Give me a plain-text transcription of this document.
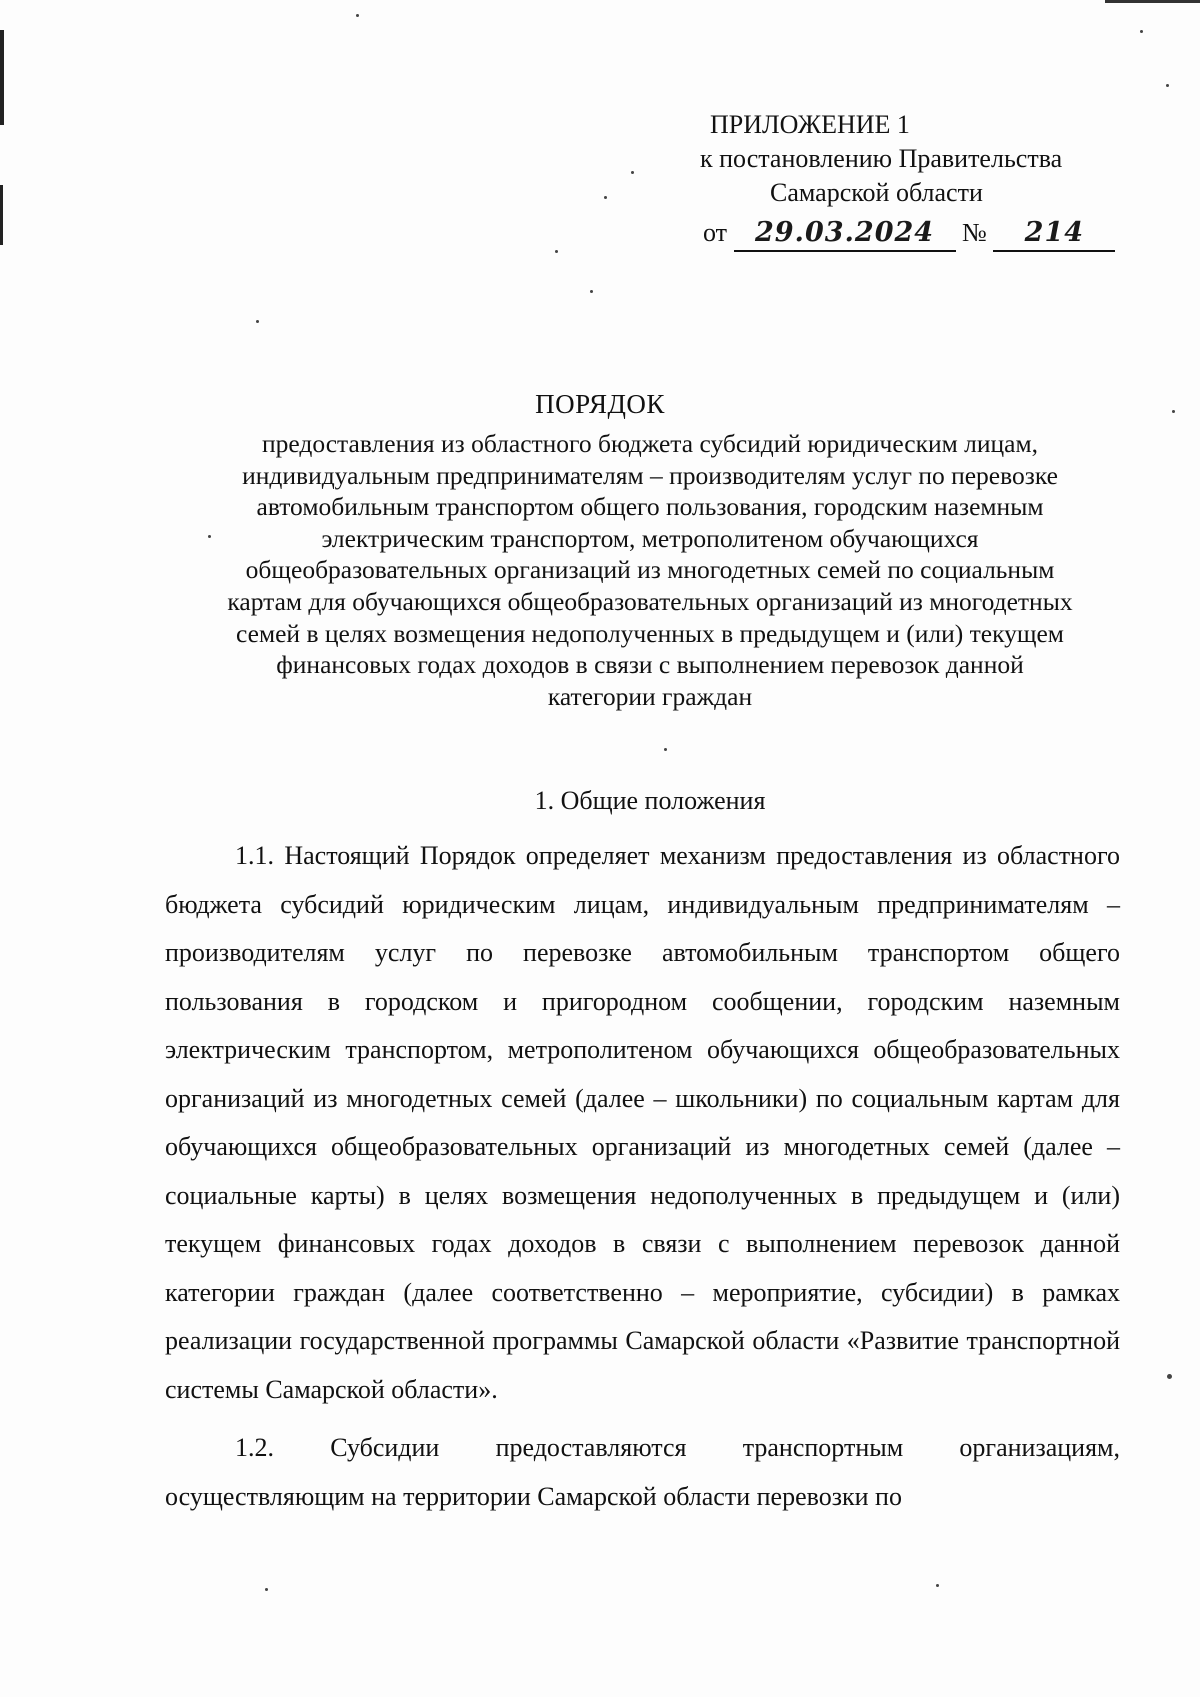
ПРИЛОЖЕНИЕ 1
к постановлению Правительства
Самарской области
от 29.03.2024 № 214
ПОРЯДОК
предоставления из областного бюджета субсидий юридическим лицам,
индивидуальным предпринимателям – производителям услуг по перевозке
автомобильным транспортом общего пользования, городским наземным
электрическим транспортом, метрополитеном обучающихся
общеобразовательных организаций из многодетных семей по социальным
картам для обучающихся общеобразовательных организаций из многодетных
семей в целях возмещения недополученных в предыдущем и (или) текущем
финансовых годах доходов в связи с выполнением перевозок данной
категории граждан
1. Общие положения

1.1. Настоящий Порядок определяет механизм предоставления из областного бюджета субсидий юридическим лицам, индивидуальным предпринимателям – производителям услуг по перевозке автомобильным транспортом общего пользования в городском и пригородном сообщении, городским наземным электрическим транспортом, метрополитеном обучающихся общеобразовательных организаций из многодетных семей (далее – школьники) по социальным картам для обучающихся общеобразовательных организаций из многодетных семей (далее – социальные карты) в целях возмещения недополученных в предыдущем и (или) текущем финансовых годах доходов в связи с выполнением перевозок данной категории граждан (далее соответственно – мероприятие, субсидии) в рамках реализации государственной программы Самарской области «Развитие транспортной системы Самарской области».

1.2. Субсидии предоставляются транспортным организациям, осуществляющим на территории Самарской области перевозки по
